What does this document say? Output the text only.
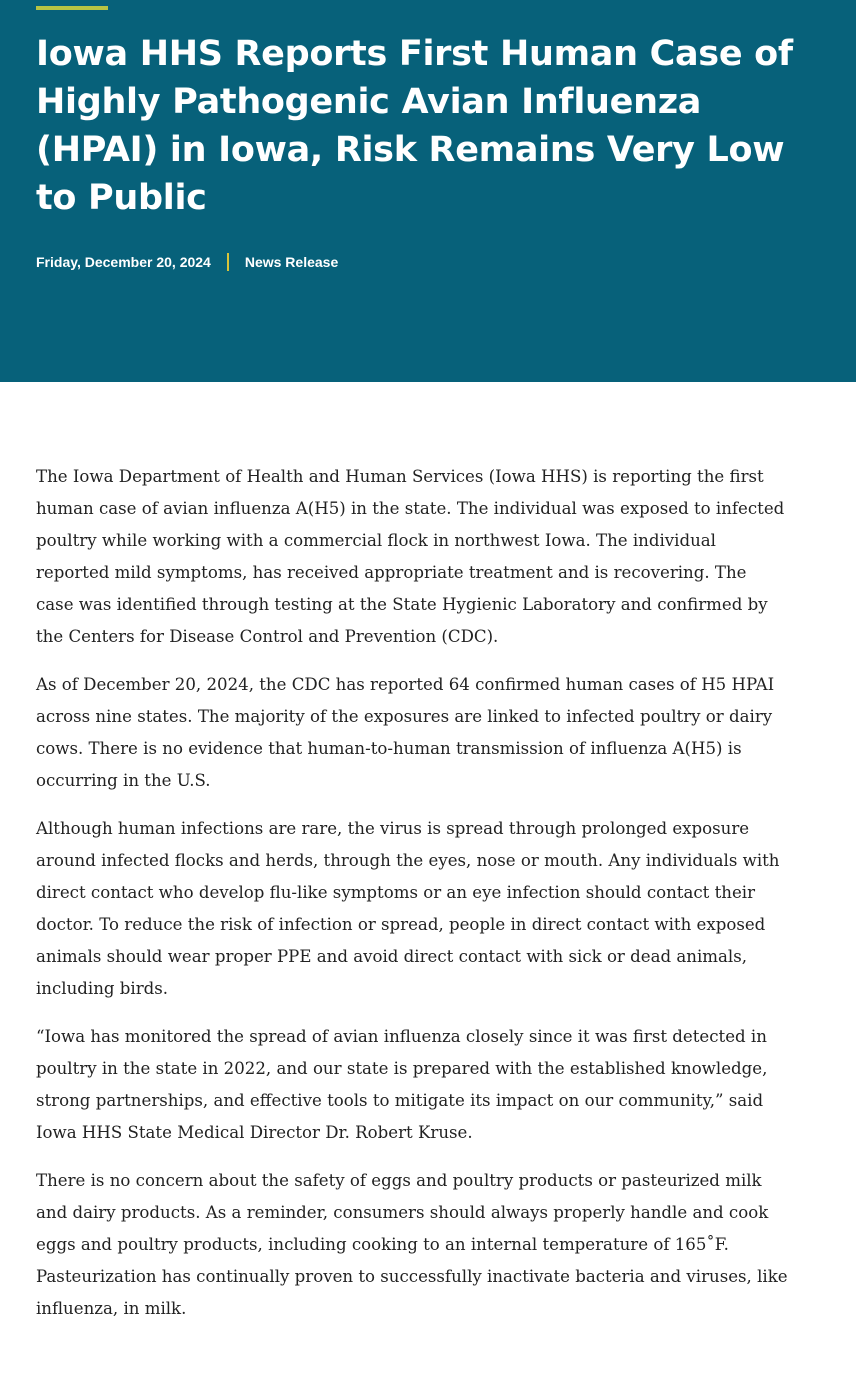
Iowa HHS Reports First Human Case of Highly Pathogenic Avian Influenza (HPAI) in Iowa, Risk Remains Very Low to Public
Friday, December 20, 2024 News Release

The Iowa Department of Health and Human Services (Iowa HHS) is reporting the first human case of avian influenza A(H5) in the state. The individual was exposed to infected poultry while working with a commercial flock in northwest Iowa. The individual reported mild symptoms, has received appropriate treatment and is recovering. The case was identified through testing at the State Hygienic Laboratory and confirmed by the Centers for Disease Control and Prevention (CDC).

As of December 20, 2024, the CDC has reported 64 confirmed human cases of H5 HPAI across nine states. The majority of the exposures are linked to infected poultry or dairy cows. There is no evidence that human-to-human transmission of influenza A(H5) is occurring in the U.S.

Although human infections are rare, the virus is spread through prolonged exposure around infected flocks and herds, through the eyes, nose or mouth. Any individuals with direct contact who develop flu-like symptoms or an eye infection should contact their doctor. To reduce the risk of infection or spread, people in direct contact with exposed animals should wear proper PPE and avoid direct contact with sick or dead animals, including birds.

“Iowa has monitored the spread of avian influenza closely since it was first detected in poultry in the state in 2022, and our state is prepared with the established knowledge, strong partnerships, and effective tools to mitigate its impact on our community,” said Iowa HHS State Medical Director Dr. Robert Kruse.

There is no concern about the safety of eggs and poultry products or pasteurized milk and dairy products. As a reminder, consumers should always properly handle and cook eggs and poultry products, including cooking to an internal temperature of 165˚F. Pasteurization has continually proven to successfully inactivate bacteria and viruses, like influenza, in milk.
